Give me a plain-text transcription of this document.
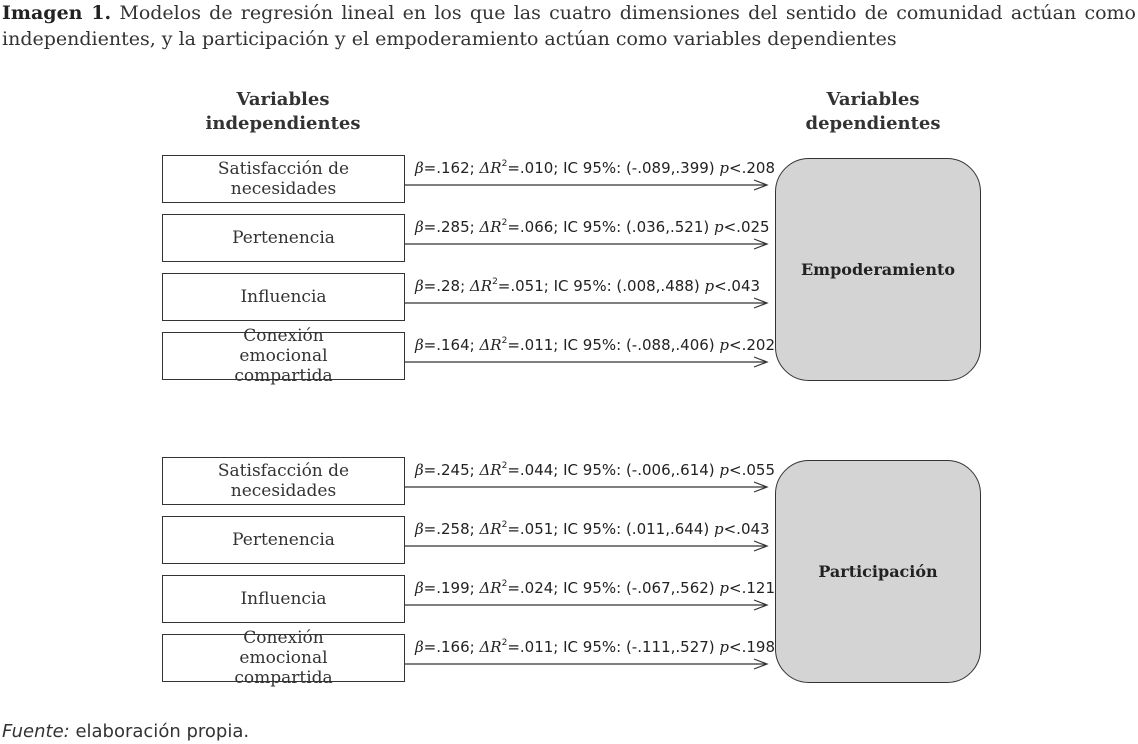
Imagen 1. Modelos de regresión lineal en los que las cuatro dimensiones del sentido de comunidad actúan como independientes, y la participación y el empoderamiento actúan como variables dependientes
Variables
independientes
Variables
dependientes
Empoderamiento
Satisfacción de necesidades
β=.162; $\Delta R^2=.010$; IC 95%: (-.089,.399) p<.208
Pertenencia
β=.285; $\Delta R^2=.066$; IC 95%: (.036,.521) p<.025
Influencia
β=.28; $\Delta R^2=.051$; IC 95%: (.008,.488) p<.043
Conexión emocional compartida
β=.164; $\Delta R^2=.011$; IC 95%: (-.088,.406) p<.202
Participación
Satisfacción de necesidades
β=.245; $\Delta R^2=.044$; IC 95%: (-.006,.614) p<.055
Pertenencia
β=.258; $\Delta R^2=.051$; IC 95%: (.011,.644) p<.043
Influencia
β=.199; $\Delta R^2=.024$; IC 95%: (-.067,.562) p<.121
Conexión emocional compartida
β=.166; $\Delta R^2=.011$; IC 95%: (-.111,.527) p<.198
Fuente: elaboración propia.
